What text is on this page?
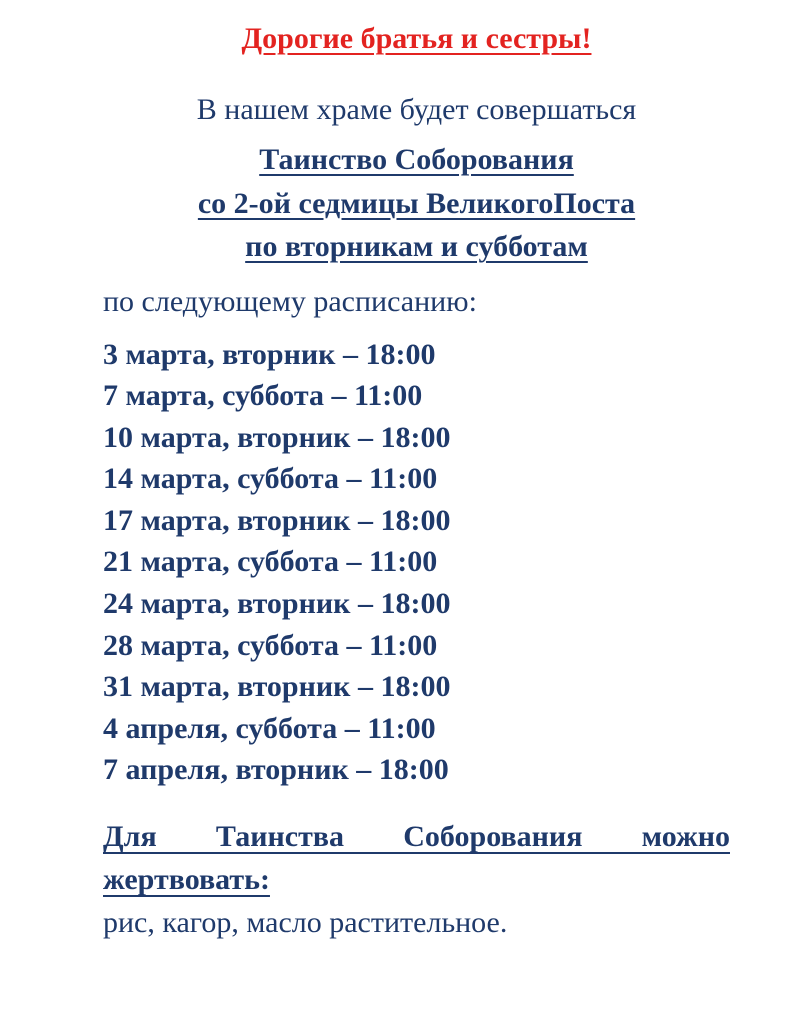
Дорогие братья и сестры!
В нашем храме будет совершаться
Таинство Соборования
со 2-ой седмицы ВеликогоПоста
по вторникам и субботам
по следующему расписанию:
3 марта, вторник – 18:00
7 марта, суббота – 11:00
10 марта, вторник – 18:00
14 марта, суббота – 11:00
17 марта, вторник – 18:00
21 марта, суббота – 11:00
24 марта, вторник – 18:00
28 марта, суббота – 11:00
31 марта, вторник – 18:00
4 апреля, суббота – 11:00
7 апреля, вторник – 18:00
Для Таинства Соборования можно
жертвовать:
рис, кагор, масло растительное.
